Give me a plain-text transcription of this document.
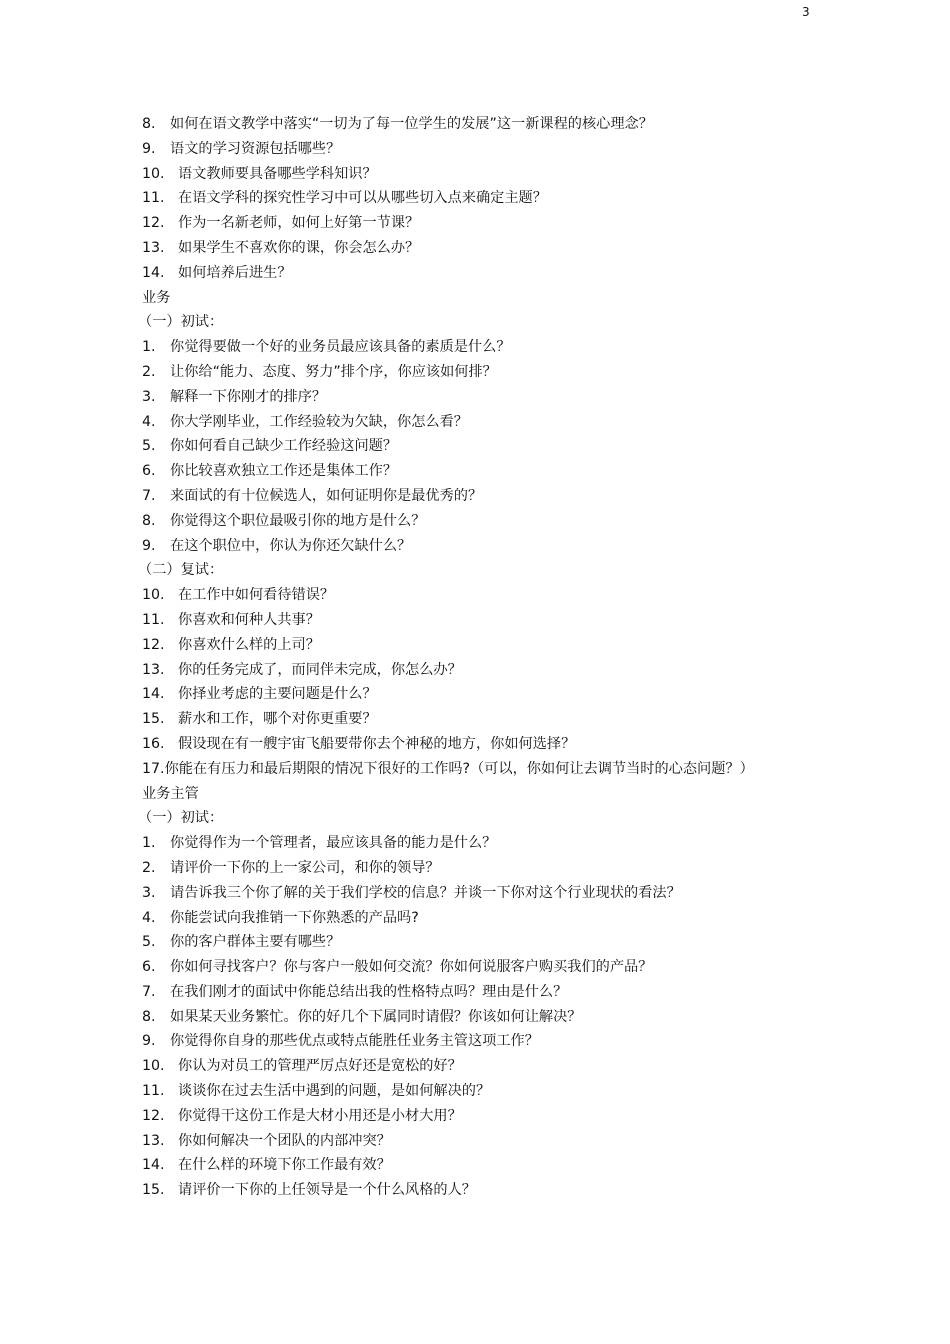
3
8. 如何在语文教学中落实“一切为了每一位学生的发展”这一新课程的核心理念？
9. 语文的学习资源包括哪些？
10. 语文教师要具备哪些学科知识？
11. 在语文学科的探究性学习中可以从哪些切入点来确定主题？
12. 作为一名新老师，如何上好第一节课？
13. 如果学生不喜欢你的课，你会怎么办？
14. 如何培养后进生？
业务
（一）初试：
1. 你觉得要做一个好的业务员最应该具备的素质是什么？
2. 让你给“能力、态度、努力”排个序，你应该如何排？
3. 解释一下你刚才的排序？
4. 你大学刚毕业，工作经验较为欠缺，你怎么看？
5. 你如何看自己缺少工作经验这问题？
6. 你比较喜欢独立工作还是集体工作？
7. 来面试的有十位候选人，如何证明你是最优秀的？
8. 你觉得这个职位最吸引你的地方是什么？
9. 在这个职位中，你认为你还欠缺什么？
（二）复试：
10. 在工作中如何看待错误？
11. 你喜欢和何种人共事？
12. 你喜欢什么样的上司？
13. 你的任务完成了，而同伴未完成，你怎么办？
14. 你择业考虑的主要问题是什么？
15. 薪水和工作，哪个对你更重要？
16. 假设现在有一艘宇宙飞船要带你去个神秘的地方，你如何选择？
17.你能在有压力和最后期限的情况下很好的工作吗?（可以，你如何让去调节当时的心态问题？）
业务主管
（一）初试：
1. 你觉得作为一个管理者，最应该具备的能力是什么？
2. 请评价一下你的上一家公司，和你的领导？
3. 请告诉我三个你了解的关于我们学校的信息？并谈一下你对这个行业现状的看法？
4. 你能尝试向我推销一下你熟悉的产品吗?
5. 你的客户群体主要有哪些？
6. 你如何寻找客户？你与客户一般如何交流？你如何说服客户购买我们的产品？
7. 在我们刚才的面试中你能总结出我的性格特点吗？理由是什么？
8. 如果某天业务繁忙。你的好几个下属同时请假？你该如何让解决？
9. 你觉得你自身的那些优点或特点能胜任业务主管这项工作？
10. 你认为对员工的管理严厉点好还是宽松的好？
11. 谈谈你在过去生活中遇到的问题，是如何解决的？
12. 你觉得干这份工作是大材小用还是小材大用？
13. 你如何解决一个团队的内部冲突？
14. 在什么样的环境下你工作最有效？
15. 请评价一下你的上任领导是一个什么风格的人？
